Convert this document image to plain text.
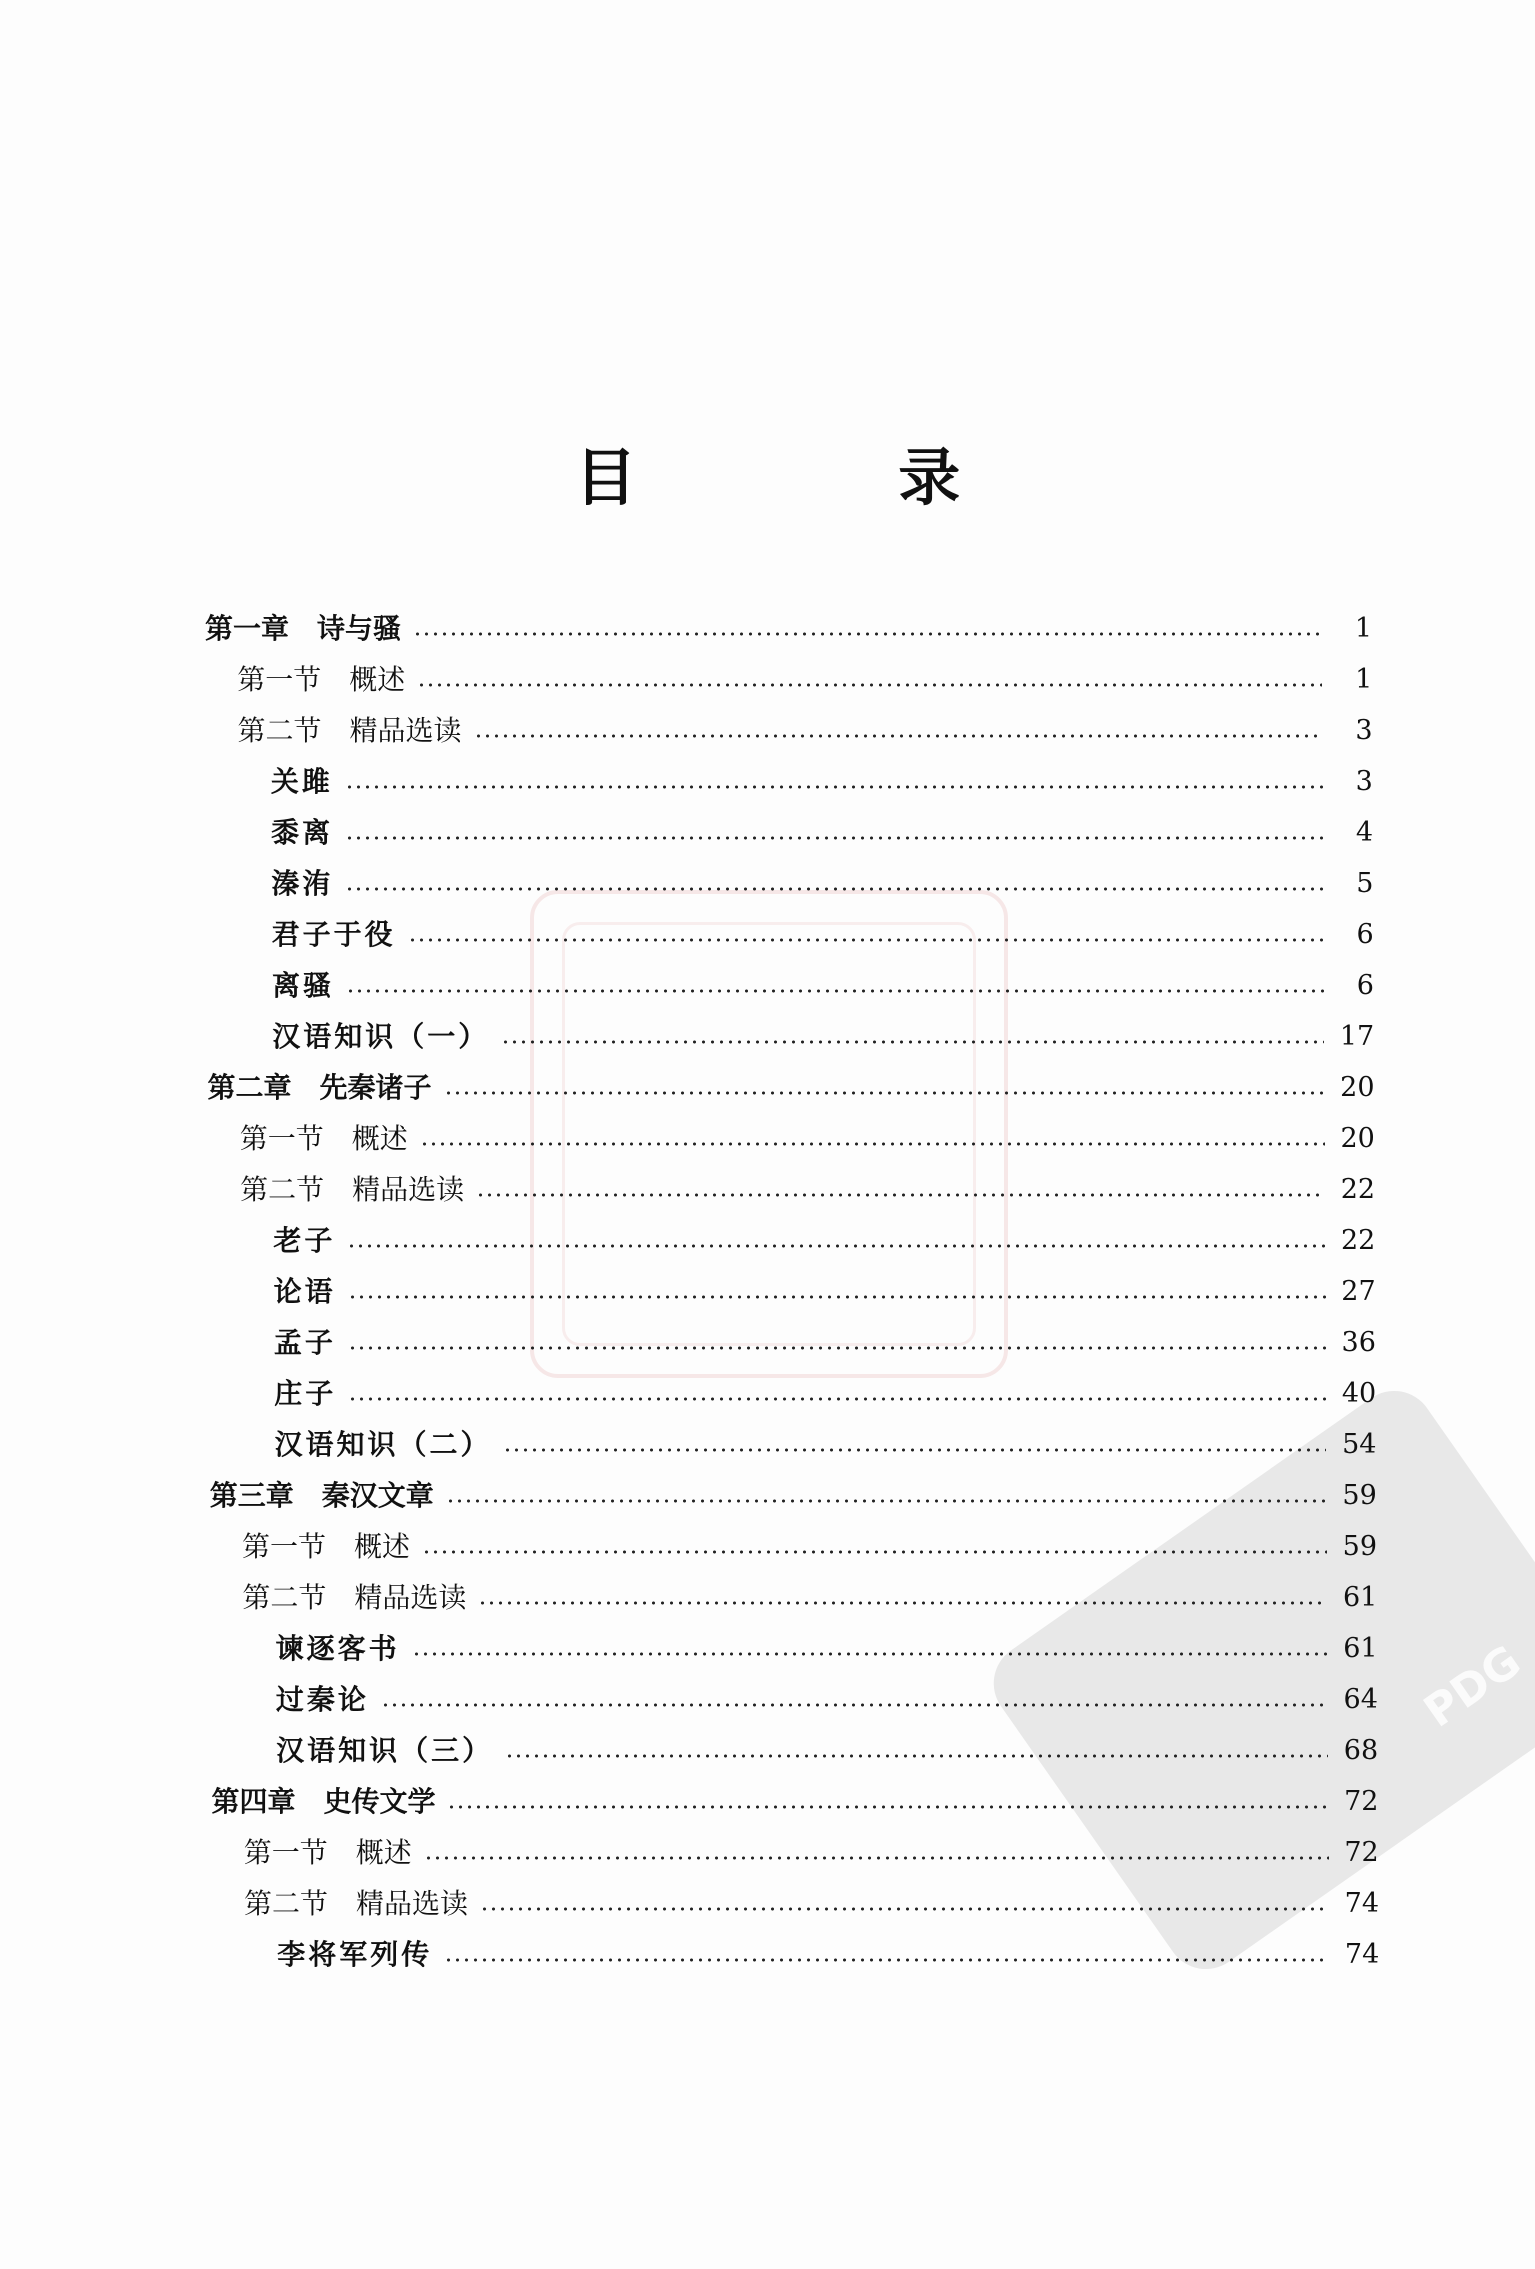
PDG
目 录
第一章　诗与骚	1
第一节　概述	1
第二节　精品选读	3
关雎	3
黍离	4
溱洧	5
君子于役	6
离骚	6
汉语知识（一）	17
第二章　先秦诸子	20
第一节　概述	20
第二节　精品选读	22
老子	22
论语	27
孟子	36
庄子	40
汉语知识（二）	54
第三章　秦汉文章	59
第一节　概述	59
第二节　精品选读	61
谏逐客书	61
过秦论	64
汉语知识（三）	68
第四章　史传文学	72
第一节　概述	72
第二节　精品选读	74
李将军列传	74
